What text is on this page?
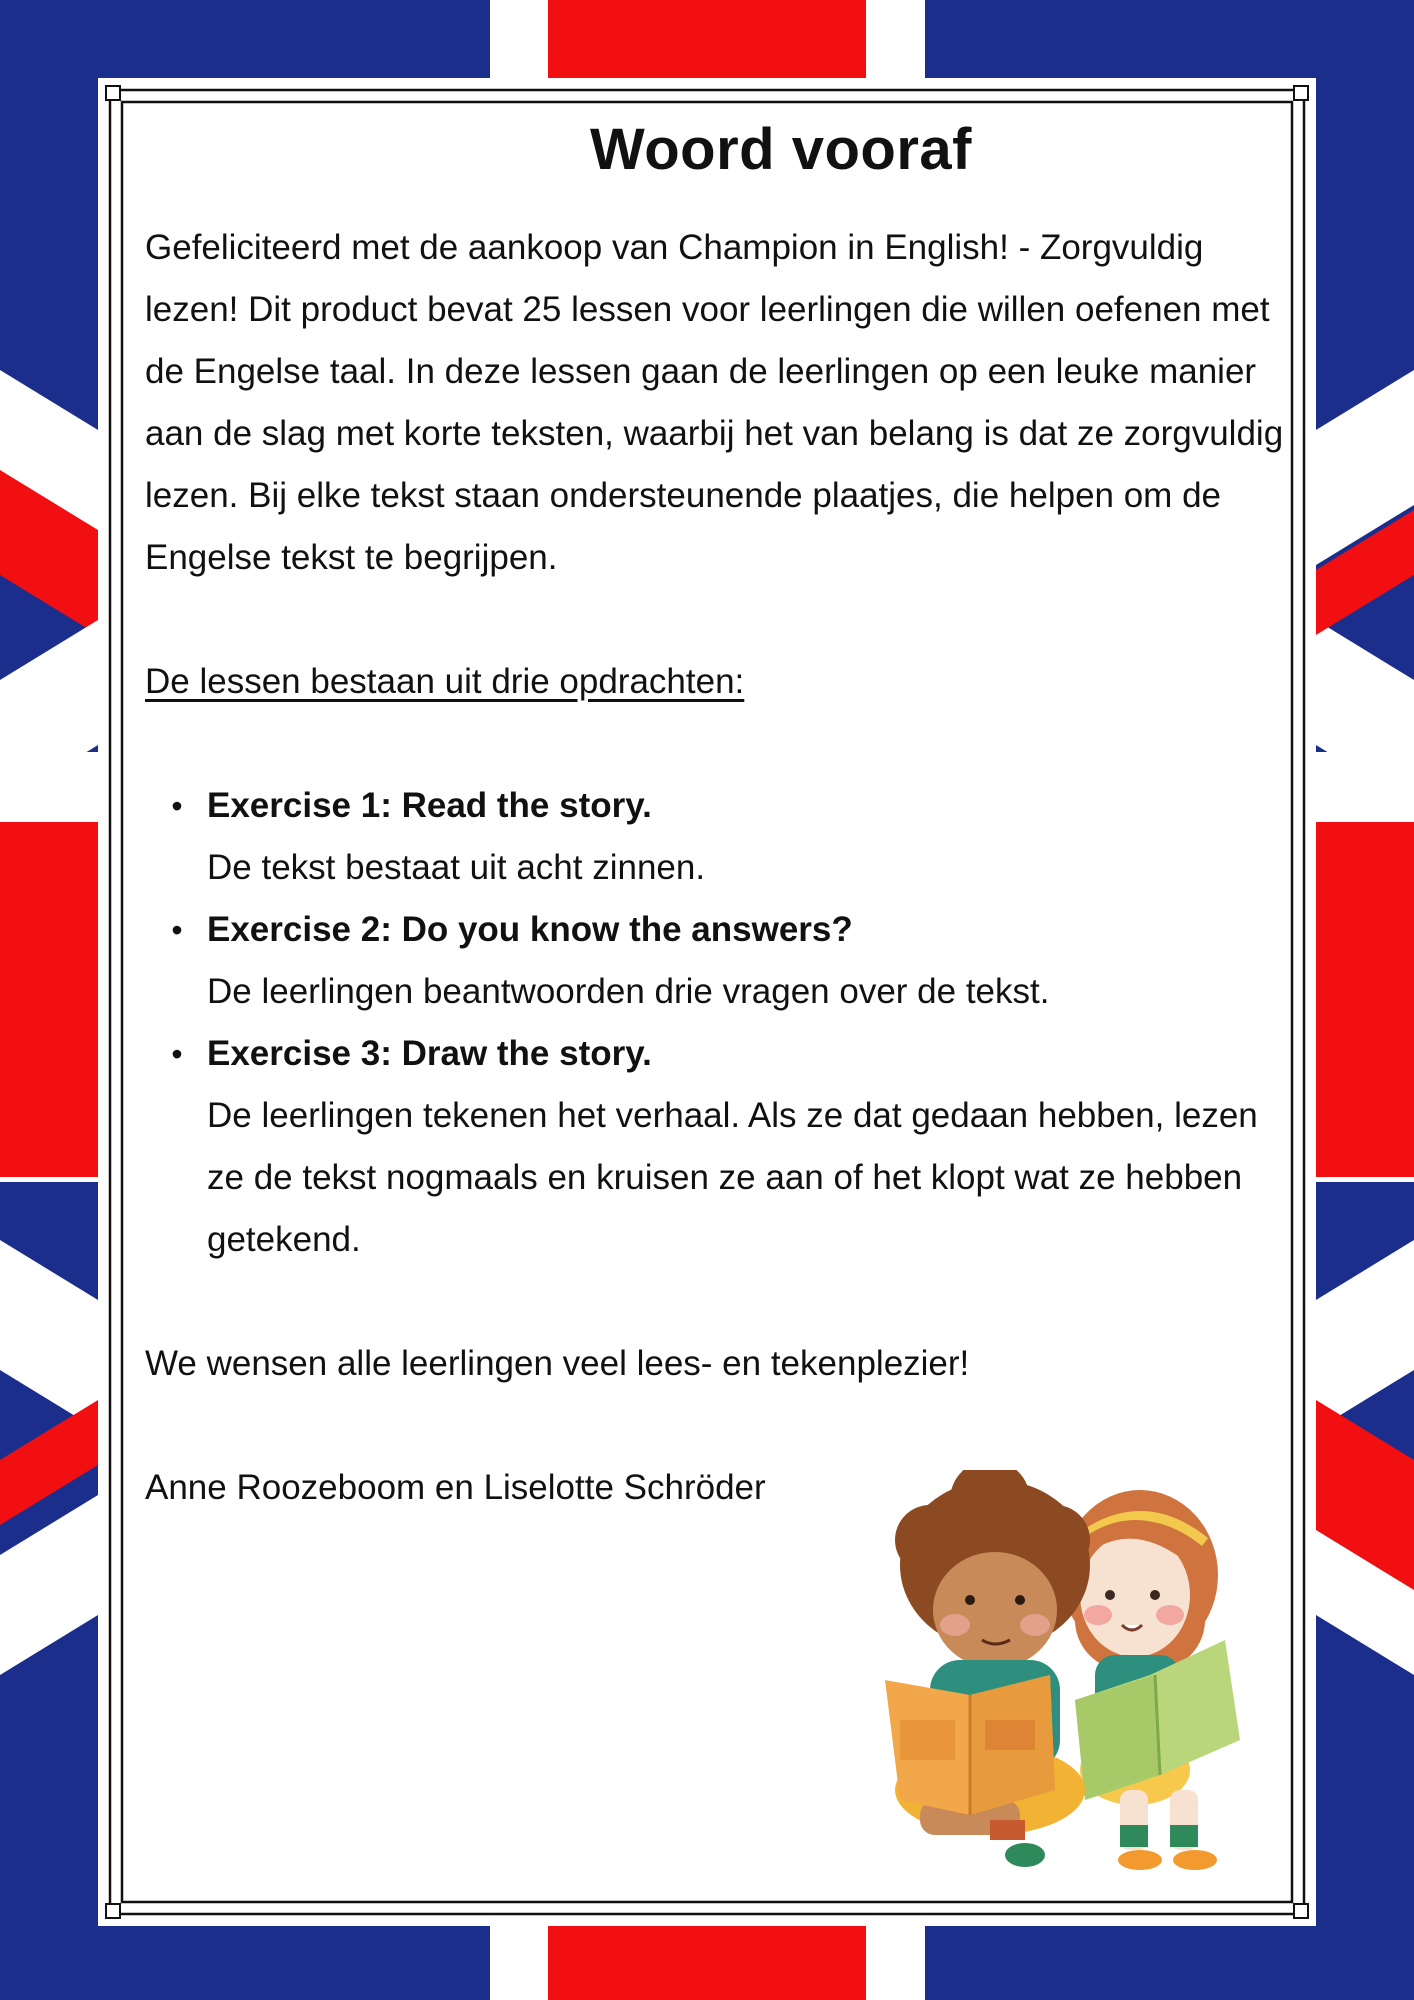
Woord vooraf

Gefeliciteerd met de aankoop van Champion in English! - Zorgvuldig lezen! Dit product bevat 25 lessen voor leerlingen die willen oefenen met de Engelse taal. In deze lessen gaan de leerlingen op een leuke manier aan de slag met korte teksten, waarbij het van belang is dat ze zorgvuldig lezen. Bij elke tekst staan ondersteunende plaatjes, die helpen om de Engelse tekst te begrijpen.

De lessen bestaan uit drie opdrachten:

• Exercise 1: Read the story.
De tekst bestaat uit acht zinnen.
• Exercise 2: Do you know the answers?
De leerlingen beantwoorden drie vragen over de tekst.
• Exercise 3: Draw the story.
De leerlingen tekenen het verhaal. Als ze dat gedaan hebben, lezen ze de tekst nogmaals en kruisen ze aan of het klopt wat ze hebben getekend.

We wensen alle leerlingen veel lees- en tekenplezier!

Anne Roozeboom en Liselotte Schröder
